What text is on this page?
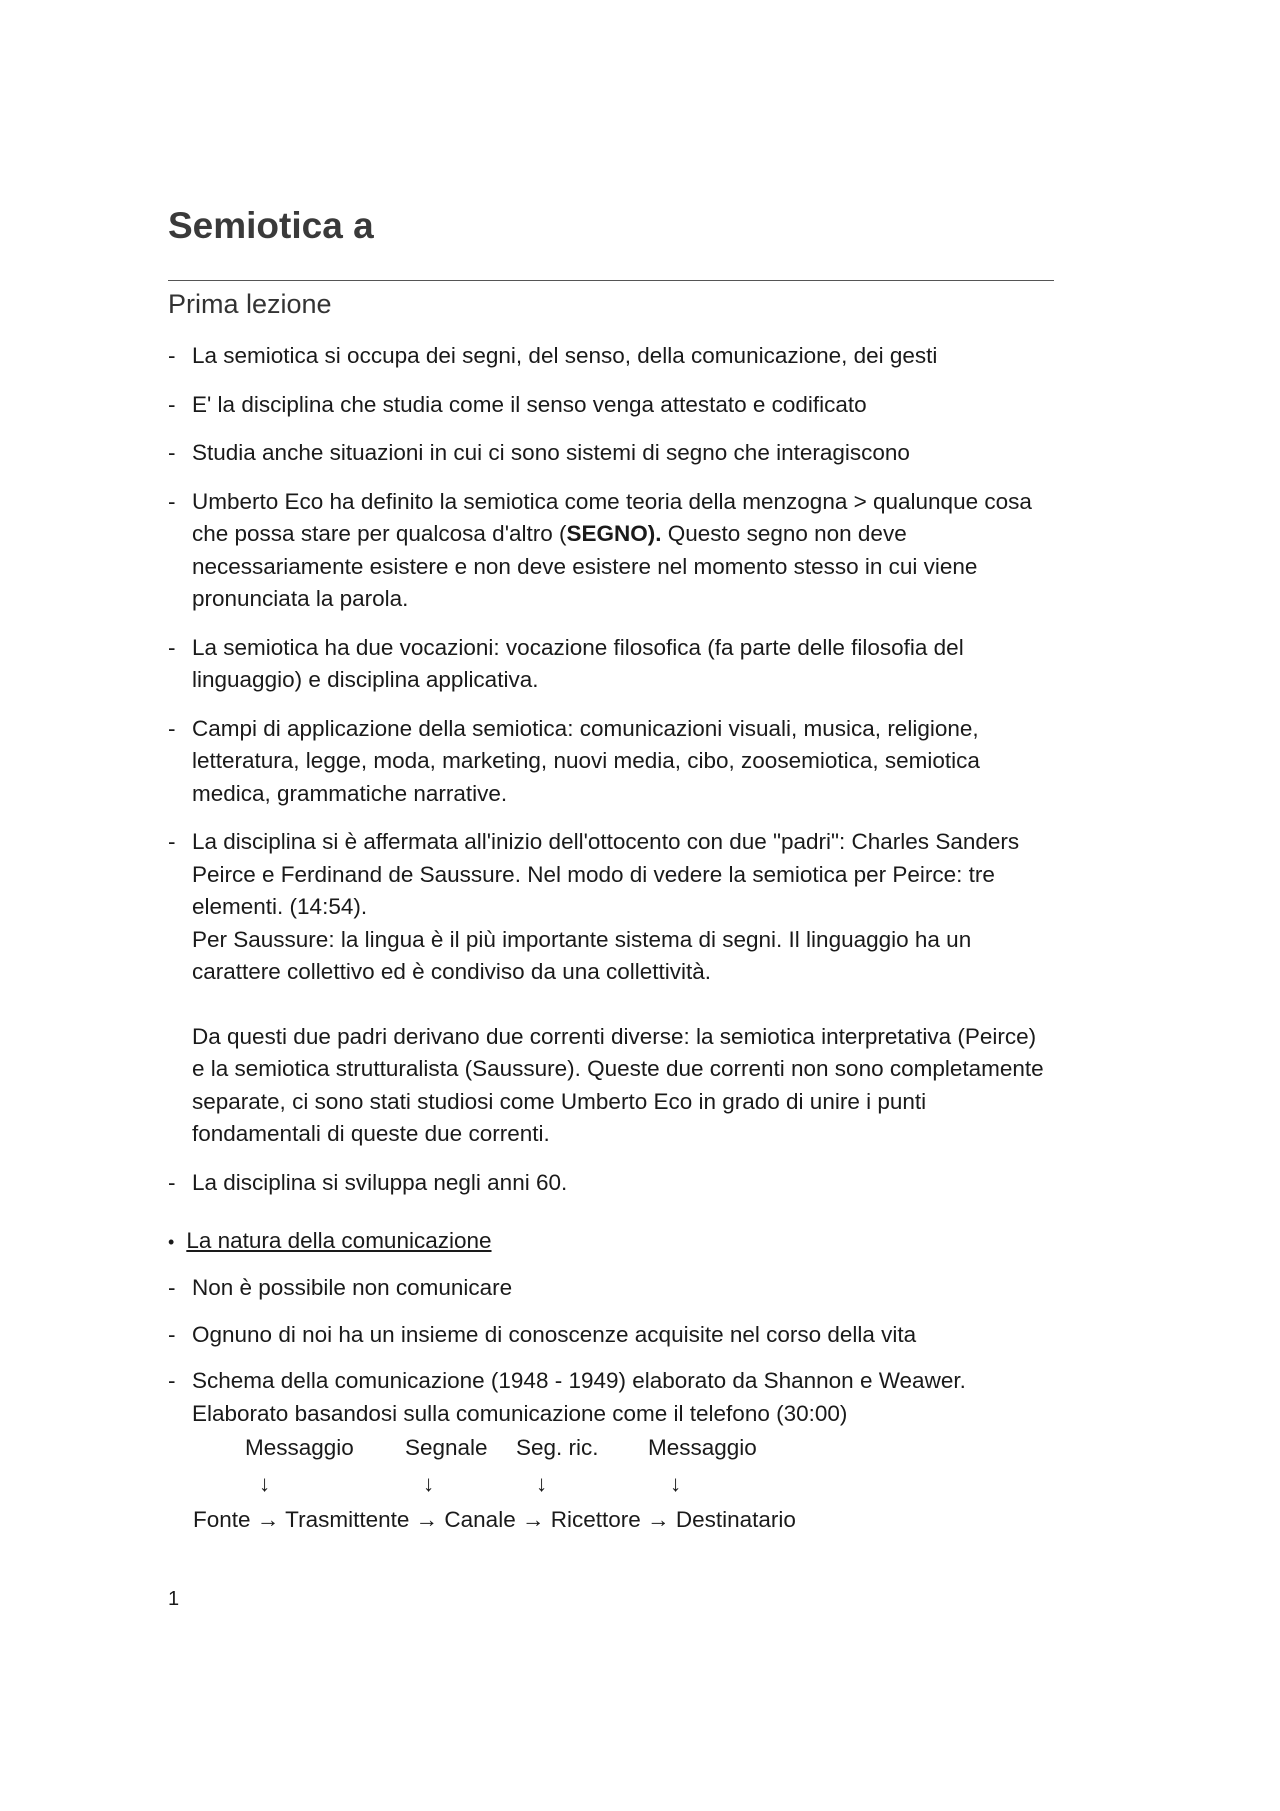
Semiotica a
Prima lezione
- La semiotica si occupa dei segni, del senso, della comunicazione, dei gesti

- E' la disciplina che studia come il senso venga attestato e codificato

- Studia anche situazioni in cui ci sono sistemi di segno che interagiscono

- Umberto Eco ha definito la semiotica come teoria della menzogna > qualunque cosa che possa stare per qualcosa d'altro (SEGNO). Questo segno non deve necessariamente esistere e non deve esistere nel momento stesso in cui viene pronunciata la parola.

- La semiotica ha due vocazioni: vocazione filosofica (fa parte delle filosofia del linguaggio) e disciplina applicativa.

- Campi di applicazione della semiotica: comunicazioni visuali, musica, religione, letteratura, legge, moda, marketing, nuovi media, cibo, zoosemiotica, semiotica medica, grammatiche narrative.

- La disciplina si è affermata all'inizio dell'ottocento con due "padri": Charles Sanders Peirce e Ferdinand de Saussure. Nel modo di vedere la semiotica per Peirce: tre elementi. (14:54).

Per Saussure: la lingua è il più importante sistema di segni. Il linguaggio ha un carattere collettivo ed è condiviso da una collettività.

Da questi due padri derivano due correnti diverse: la semiotica interpretativa (Peirce) e la semiotica strutturalista (Saussure). Queste due correnti non sono completamente separate, ci sono stati studiosi come Umberto Eco in grado di unire i punti fondamentali di queste due correnti.

- La disciplina si sviluppa negli anni 60.

• La natura della comunicazione
- Non è possibile non comunicare

- Ognuno di noi ha un insieme di conoscenze acquisite nel corso della vita

- Schema della comunicazione (1948 - 1949) elaborato da Shannon e Weawer. Elaborato basandosi sulla comunicazione come il telefono (30:00)

Messaggio Segnale Seg. ric. Messaggio
↓	↓	↓	↓
Fonte → Trasmittente → Canale → Ricettore → Destinatario
1
